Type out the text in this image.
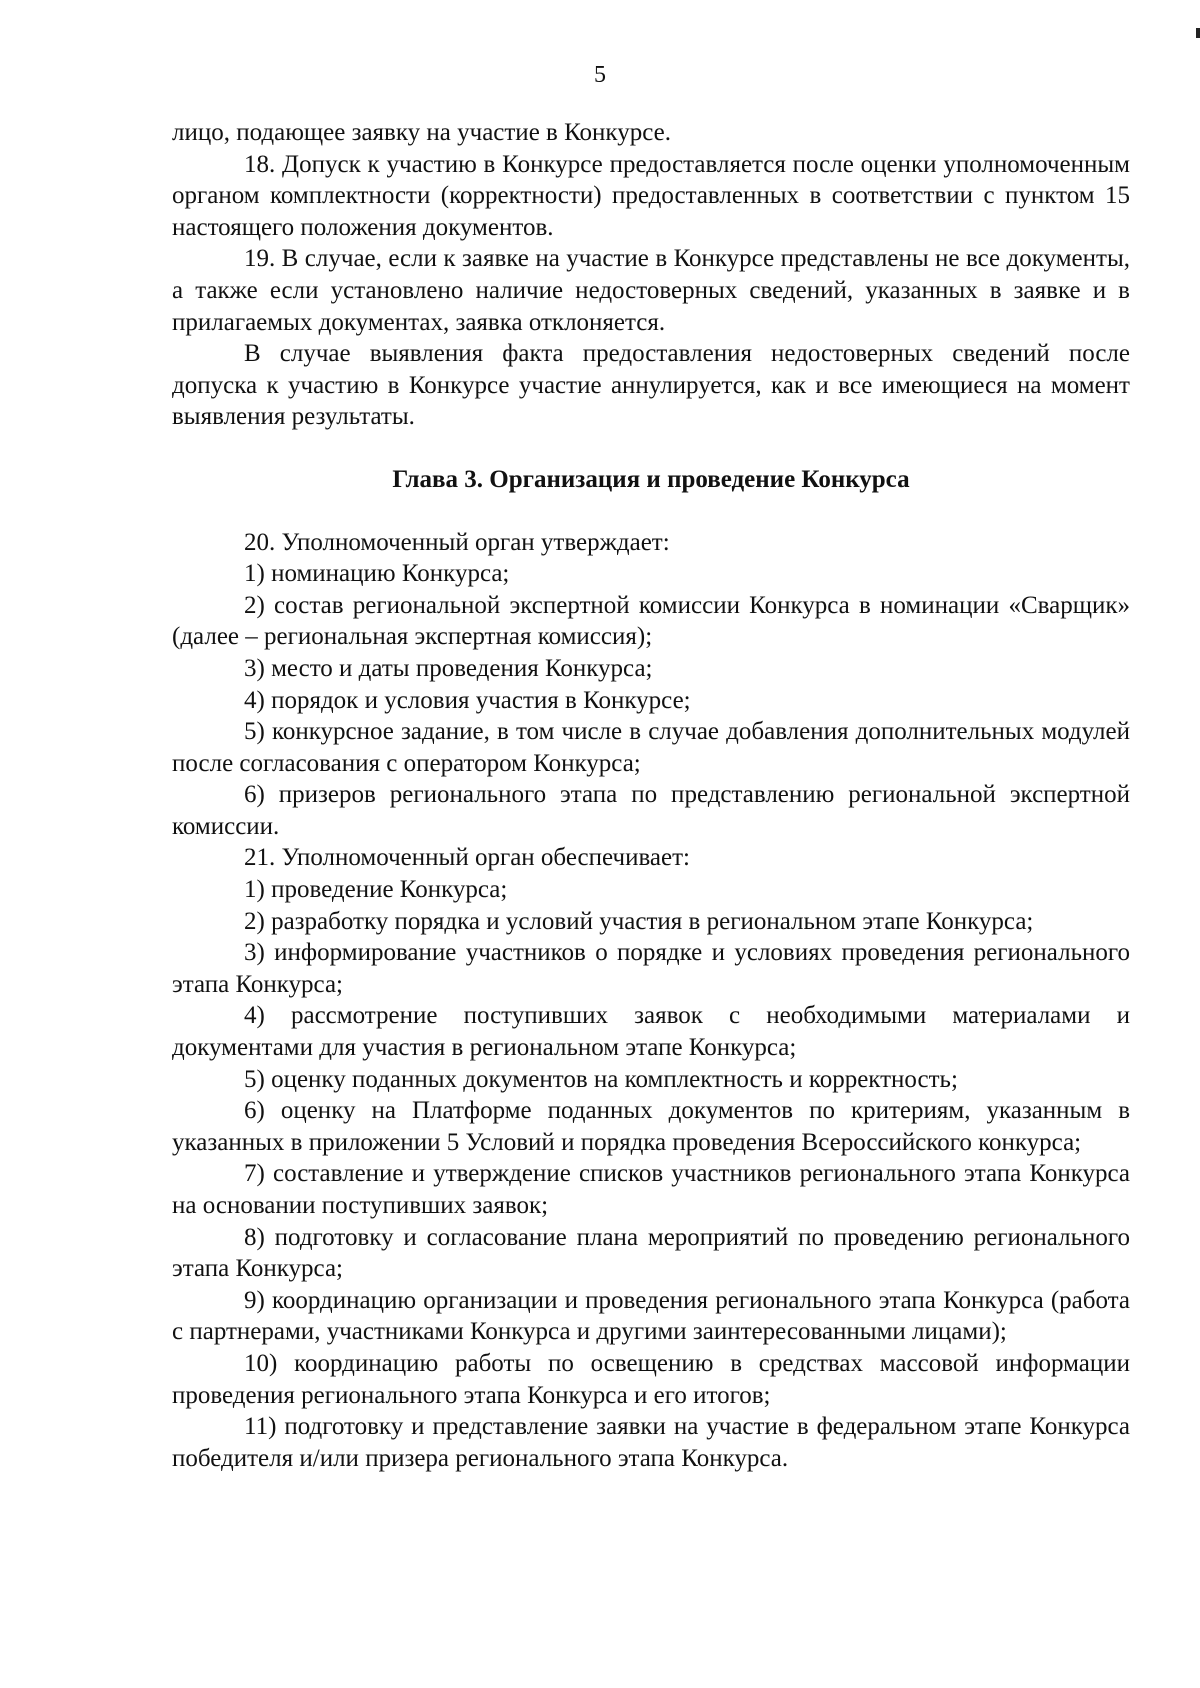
5

лицо, подающее заявку на участие в Конкурсе.

18. Допуск к участию в Конкурсе предоставляется после оценки уполномоченным органом комплектности (корректности) предоставленных в соответствии с пунктом 15 настоящего положения документов.

19. В случае, если к заявке на участие в Конкурсе представлены не все документы, а также если установлено наличие недостоверных сведений, указанных в заявке и в прилагаемых документах, заявка отклоняется.

В случае выявления факта предоставления недостоверных сведений после допуска к участию в Конкурсе участие аннулируется, как и все имеющиеся на момент выявления результаты.

Глава 3. Организация и проведение Конкурса

20. Уполномоченный орган утверждает:

1) номинацию Конкурса;

2) состав региональной экспертной комиссии Конкурса в номинации «Сварщик» (далее – региональная экспертная комиссия);

3) место и даты проведения Конкурса;

4) порядок и условия участия в Конкурсе;

5) конкурсное задание, в том числе в случае добавления дополнительных модулей после согласования с оператором Конкурса;

6) призеров регионального этапа по представлению региональной экспертной комиссии.

21. Уполномоченный орган обеспечивает:

1) проведение Конкурса;

2) разработку порядка и условий участия в региональном этапе Конкурса;

3) информирование участников о порядке и условиях проведения регионального этапа Конкурса;

4) рассмотрение поступивших заявок с необходимыми материалами и документами для участия в региональном этапе Конкурса;

5) оценку поданных документов на комплектность и корректность;

6) оценку на Платформе поданных документов по критериям, указанным в указанных в приложении 5 Условий и порядка проведения Всероссийского конкурса;

7) составление и утверждение списков участников регионального этапа Конкурса на основании поступивших заявок;

8) подготовку и согласование плана мероприятий по проведению регионального этапа Конкурса;

9) координацию организации и проведения регионального этапа Конкурса (работа с партнерами, участниками Конкурса и другими заинтересованными лицами);

10) координацию работы по освещению в средствах массовой информации проведения регионального этапа Конкурса и его итогов;

11) подготовку и представление заявки на участие в федеральном этапе Конкурса победителя и/или призера регионального этапа Конкурса.
